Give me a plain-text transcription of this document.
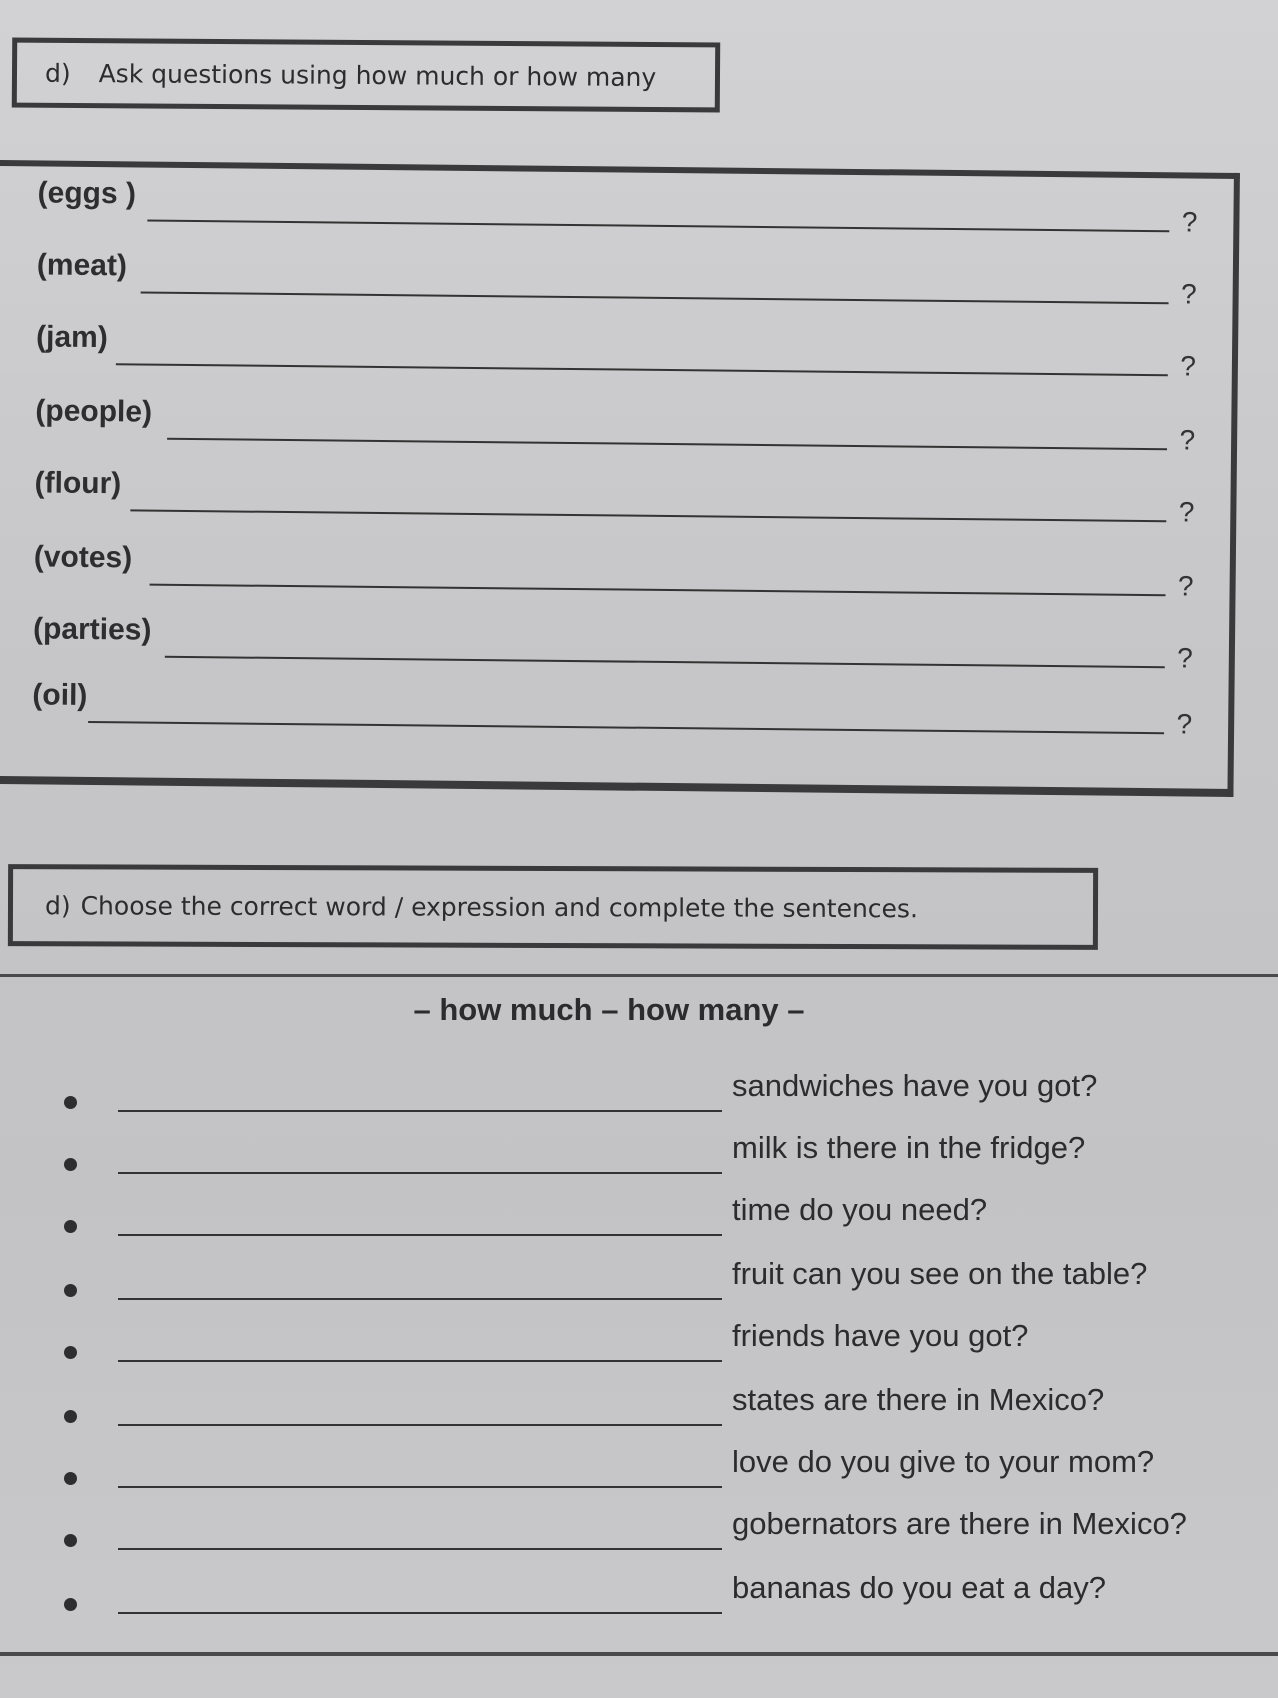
d) Ask questions using how much or how many
(eggs )
?
(meat)
?
(jam)
?
(people)
?
(flour)
?
(votes)
?
(parties)
?
(oil)
?
d) Choose the correct word / expression and complete the sentences.
– how much – how many –
sandwiches have you got?
milk is there in the fridge?
time do you need?
fruit can you see on the table?
friends have you got?
states are there in Mexico?
love do you give to your mom?
gobernators are there in Mexico?
bananas do you eat a day?
